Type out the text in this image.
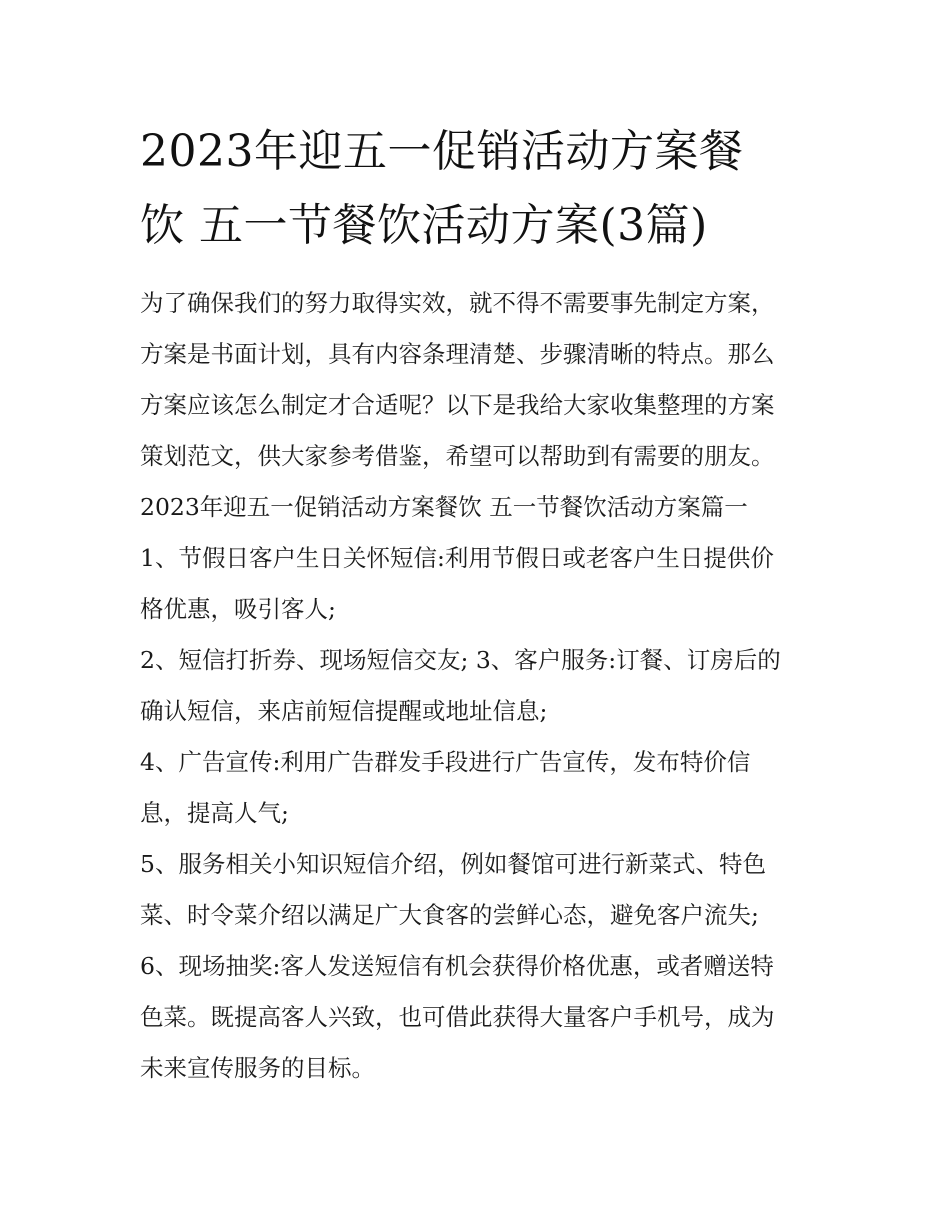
2023年迎五一促销活动方案餐
饮 五一节餐饮活动方案(3篇)
为了确保我们的努力取得实效，就不得不需要事先制定方案，
方案是书面计划，具有内容条理清楚、步骤清晰的特点。那么
方案应该怎么制定才合适呢？以下是我给大家收集整理的方案
策划范文，供大家参考借鉴，希望可以帮助到有需要的朋友。
2023年迎五一促销活动方案餐饮 五一节餐饮活动方案篇一
1、节假日客户生日关怀短信:利用节假日或老客户生日提供价
格优惠，吸引客人;
2、短信打折券、现场短信交友; 3、客户服务:订餐、订房后的
确认短信，来店前短信提醒或地址信息;
4、广告宣传:利用广告群发手段进行广告宣传，发布特价信
息，提高人气;
5、服务相关小知识短信介绍，例如餐馆可进行新菜式、特色
菜、时令菜介绍以满足广大食客的尝鲜心态，避免客户流失;
6、现场抽奖:客人发送短信有机会获得价格优惠，或者赠送特
色菜。既提高客人兴致，也可借此获得大量客户手机号，成为
未来宣传服务的目标。
